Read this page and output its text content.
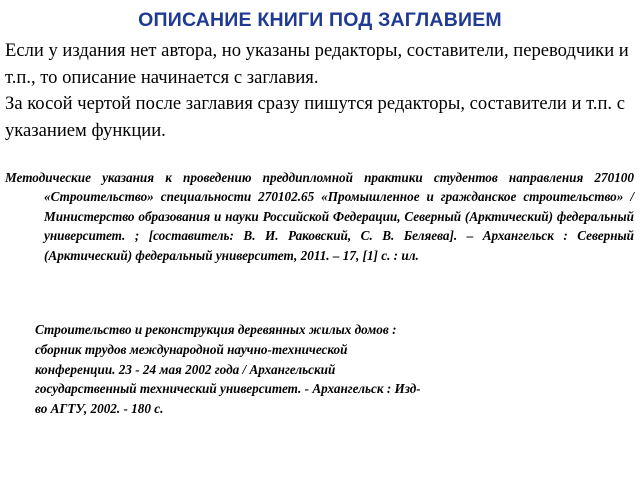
ОПИСАНИЕ КНИГИ ПОД ЗАГЛАВИЕМ

Если у издания нет автора, но указаны редакторы, составители, переводчики и т.п., то описание начинается с заглавия.

За косой чертой после заглавия сразу пишутся редакторы, составители и т.п. с указанием функции.

Методические указания к проведению преддипломной практики студентов направления 270100 «Строительство» специальности 270102.65 «Промышленное и гражданское строительство» / Министерство образования и науки Российской Федерации, Северный (Арктический) федеральный университет. ; [составитель: В. И. Раковский, С. В. Беляева]. – Архангельск : Северный (Арктический) федеральный университет, 2011. – 17, [1] с. : ил.

Строительство и реконструкция деревянных жилых домов :
сборник трудов международной научно-технической
конференции. 23 - 24 мая 2002 года / Архангельский
государственный технический университет. - Архангельск : Изд-
во АГТУ, 2002. - 180 с.
